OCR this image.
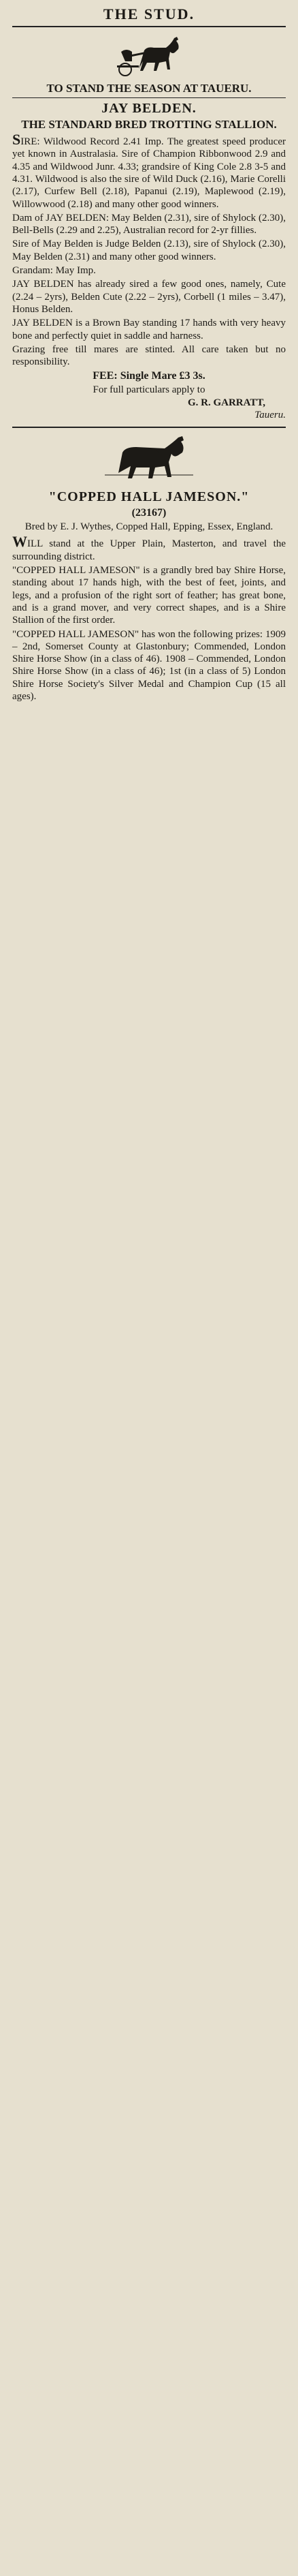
THE STUD.
TO STAND THE SEASON AT TAUERU.
JAY BELDEN.
THE STANDARD BRED TROTTING STALLION.

SIRE: Wildwood Record 2.41 Imp. The greatest speed producer yet known in Australasia. Sire of Champion Ribbonwood 2.9 and 4.35 and Wildwood Junr. 4.33; grandsire of King Cole 2.8 3-5 and 4.31. Wildwood is also the sire of Wild Duck (2.16), Marie Corelli (2.17), Curfew Bell (2.18), Papanui (2.19), Maplewood (2.19), Willowwood (2.18) and many other good winners.

Dam of JAY BELDEN: May Belden (2.31), sire of Shylock (2.30), Bell-Bells (2.29 and 2.25), Australian record for 2-yr fillies.

Sire of May Belden is Judge Belden (2.13), sire of Shylock (2.30), May Belden (2.31) and many other good winners.

Grandam: May Imp.

JAY BELDEN has already sired a few good ones, namely, Cute (2.24 – 2yrs), Belden Cute (2.22 – 2yrs), Corbell (1 miles – 3.47), Honus Belden.

JAY BELDEN is a Brown Bay standing 17 hands with very heavy bone and perfectly quiet in saddle and harness.

Grazing free till mares are stinted. All care taken but no responsibility.

FEE: Single Mare £3 3s.
For full particulars apply to
G. R. GARRATT,
Taueru.
"COPPED HALL JAMESON."
(23167)
Bred by E. J. Wythes, Copped Hall, Epping, Essex, England.

WILL stand at the Upper Plain, Masterton, and travel the surrounding district.

"COPPED HALL JAMESON" is a grandly bred bay Shire Horse, standing about 17 hands high, with the best of feet, joints, and legs, and a profusion of the right sort of feather; has great bone, and is a grand mover, and very correct shapes, and is a Shire Stallion of the first order.

"COPPED HALL JAMESON" has won the following prizes: 1909 – 2nd, Somerset County at Glastonbury; Commended, London Shire Horse Show (in a class of 46). 1908 – Commended, London Shire Horse Show (in a class of 46); 1st (in a class of 5) London Shire Horse Society's Silver Medal and Champion Cup (15 all ages).
